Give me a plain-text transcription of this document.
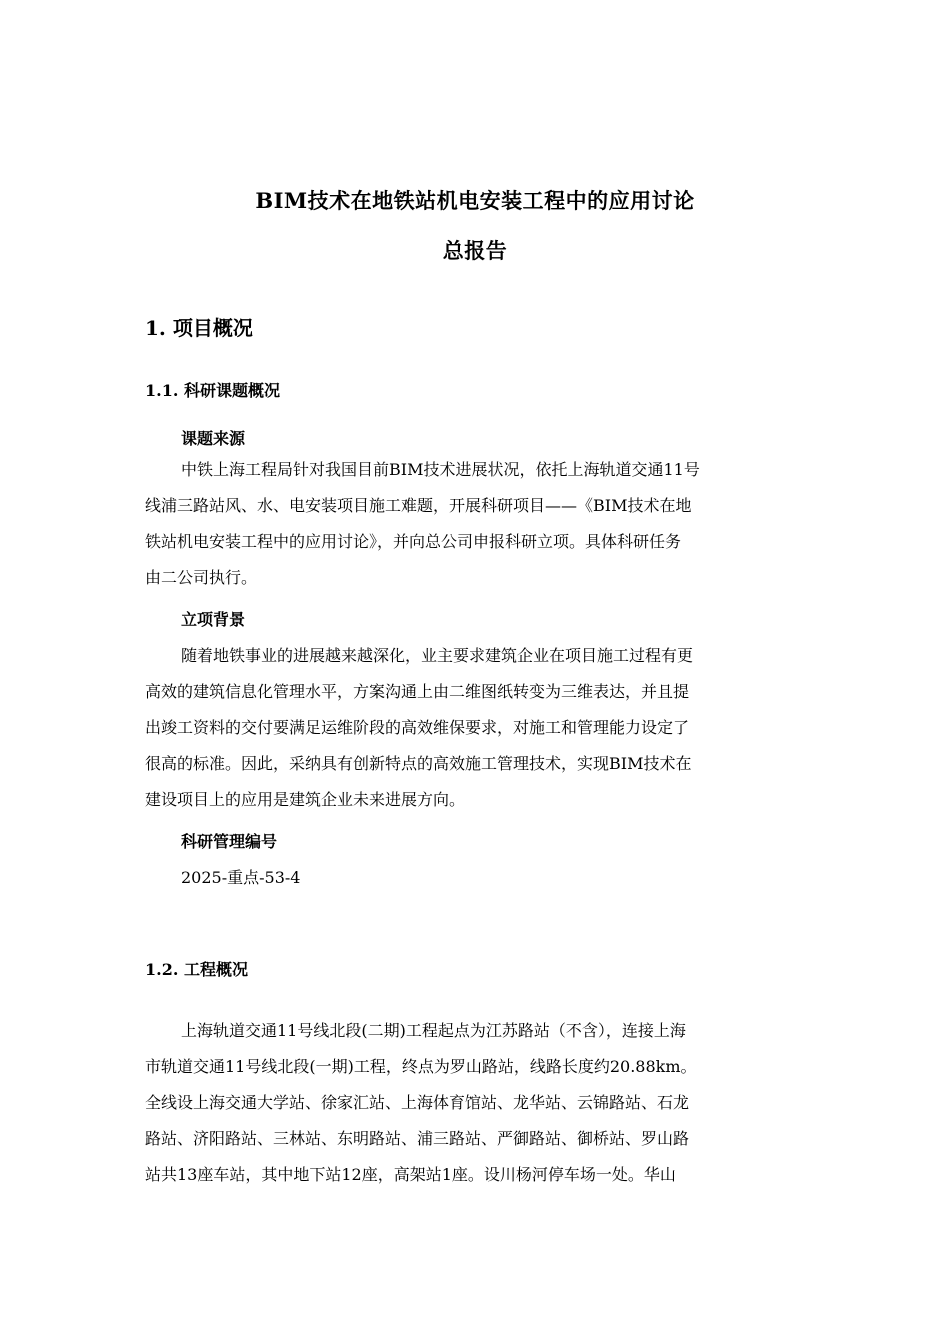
BIM技术在地铁站机电安装工程中的应用讨论
总报告
1. 项目概况
1.1. 科研课题概况
课题来源
中铁上海工程局针对我国目前BIM技术进展状况，依托上海轨道交通11号
线浦三路站风、水、电安装项目施工难题，开展科研项目——《BIM技术在地
铁站机电安装工程中的应用讨论》，并向总公司申报科研立项。具体科研任务
由二公司执行。
立项背景
随着地铁事业的进展越来越深化，业主要求建筑企业在项目施工过程有更
高效的建筑信息化管理水平，方案沟通上由二维图纸转变为三维表达，并且提
出竣工资料的交付要满足运维阶段的高效维保要求，对施工和管理能力设定了
很高的标准。因此，采纳具有创新特点的高效施工管理技术，实现BIM技术在
建设项目上的应用是建筑企业未来进展方向。
科研管理编号
2025-重点-53-4
1.2. 工程概况
上海轨道交通11号线北段(二期)工程起点为江苏路站（不含），连接上海
市轨道交通11号线北段(一期)工程，终点为罗山路站，线路长度约20.88km。
全线设上海交通大学站、徐家汇站、上海体育馆站、龙华站、云锦路站、石龙
路站、济阳路站、三林站、东明路站、浦三路站、严御路站、御桥站、罗山路
站共13座车站，其中地下站12座，高架站1座。设川杨河停车场一处。华山
